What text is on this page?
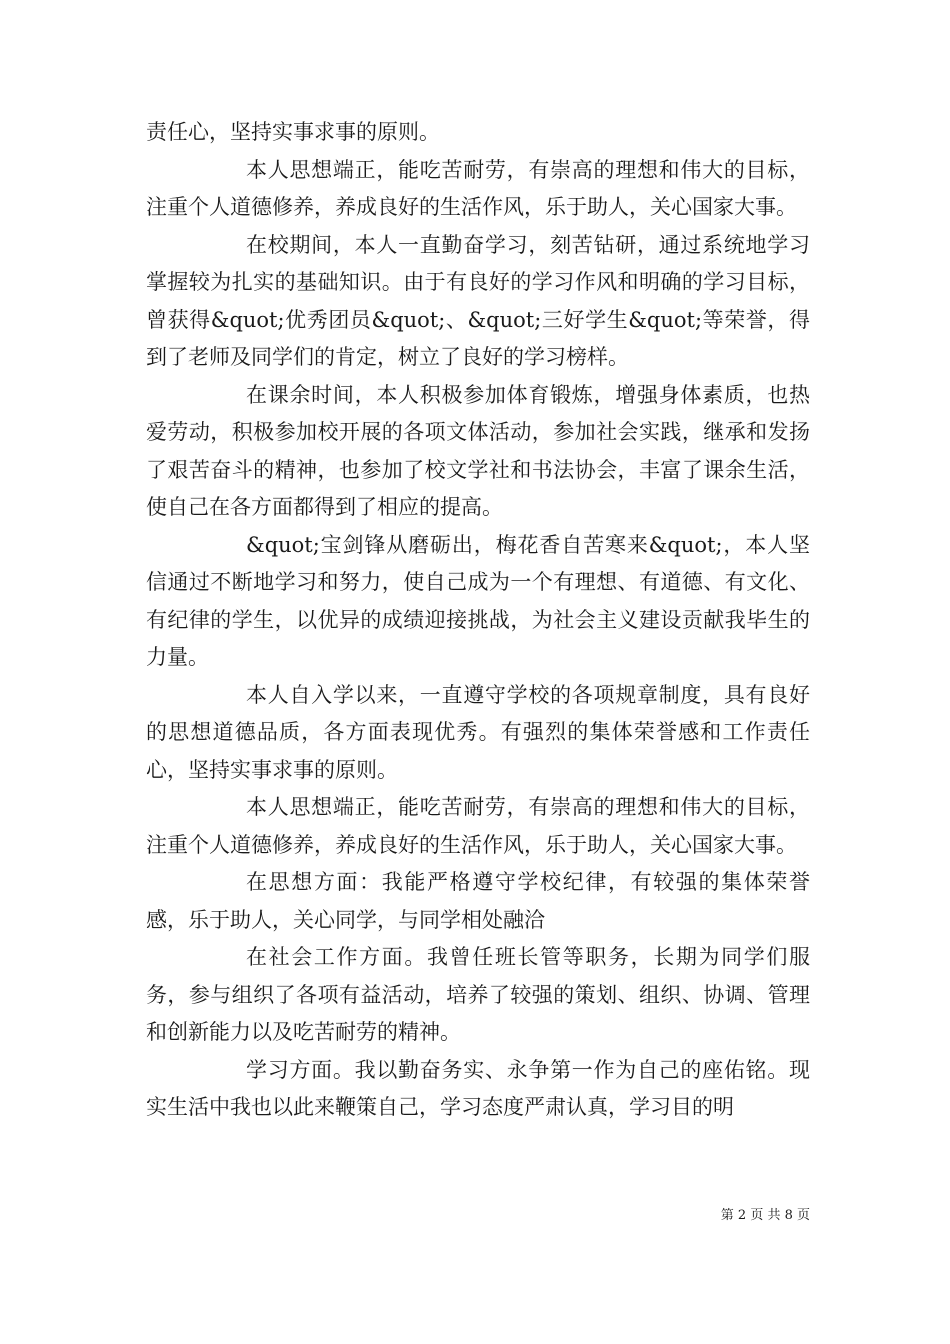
责任心，坚持实事求事的原则。

本人思想端正，能吃苦耐劳，有崇高的理想和伟大的目标，注重个人道德修养，养成良好的生活作风，乐于助人，关心国家大事。

在校期间，本人一直勤奋学习，刻苦钻研，通过系统地学习掌握较为扎实的基础知识。由于有良好的学习作风和明确的学习目标，曾获得&quot;优秀团员&quot;、&quot;三好学生&quot;等荣誉，得到了老师及同学们的肯定，树立了良好的学习榜样。

在课余时间，本人积极参加体育锻炼，增强身体素质，也热爱劳动，积极参加校开展的各项文体活动，参加社会实践，继承和发扬了艰苦奋斗的精神，也参加了校文学社和书法协会，丰富了课余生活，使自己在各方面都得到了相应的提高。

&quot;宝剑锋从磨砺出，梅花香自苦寒来&quot;，本人坚信通过不断地学习和努力，使自己成为一个有理想、有道德、有文化、有纪律的学生，以优异的成绩迎接挑战，为社会主义建设贡献我毕生的力量。

本人自入学以来，一直遵守学校的各项规章制度，具有良好的思想道德品质，各方面表现优秀。有强烈的集体荣誉感和工作责任心，坚持实事求事的原则。

本人思想端正，能吃苦耐劳，有崇高的理想和伟大的目标，注重个人道德修养，养成良好的生活作风，乐于助人，关心国家大事。

在思想方面：我能严格遵守学校纪律，有较强的集体荣誉感，乐于助人，关心同学，与同学相处融洽

在社会工作方面。我曾任班长管等职务，长期为同学们服务，参与组织了各项有益活动，培养了较强的策划、组织、协调、管理和创新能力以及吃苦耐劳的精神。

学习方面。我以勤奋务实、永争第一作为自己的座佑铭。现实生活中我也以此来鞭策自己，学习态度严肃认真，学习目的明

第 2 页 共 8 页
